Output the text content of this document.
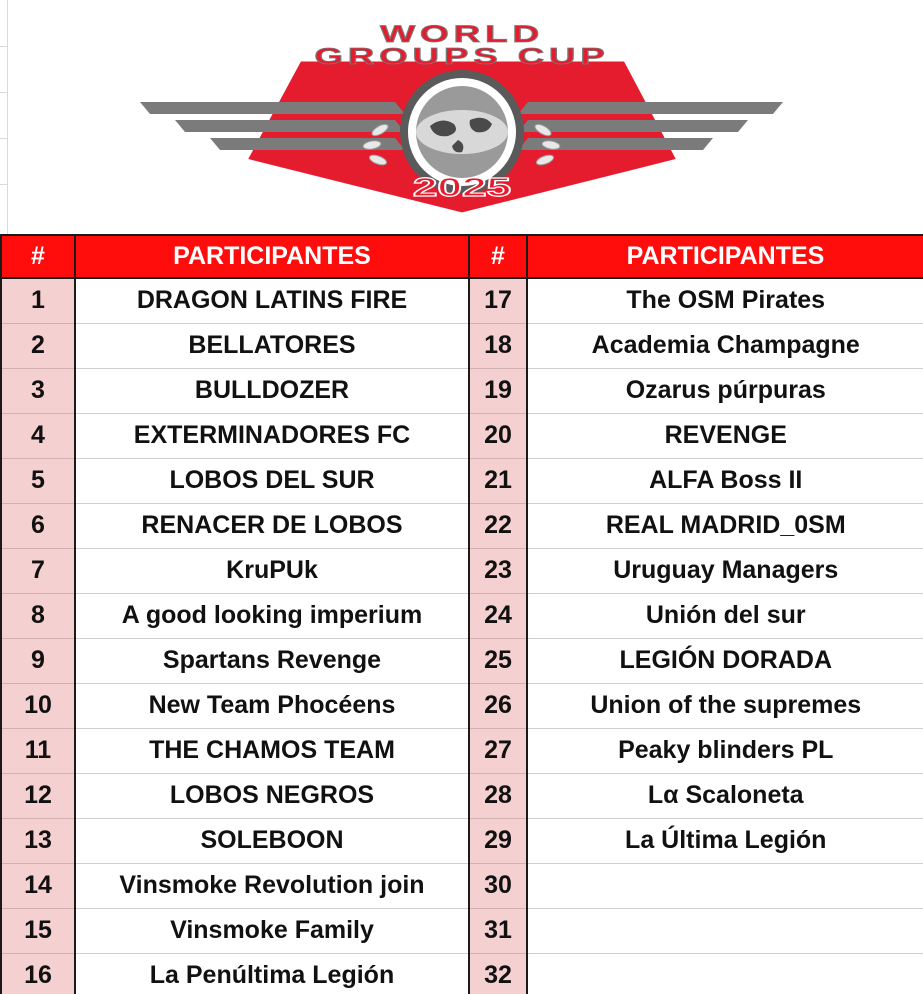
WORLD
GROUPS CUP
2025
#	PARTICIPANTES	#	PARTICIPANTES
1	DRAGON LATINS FIRE	17	The OSM Pirates
2	BELLATORES	18	Academia Champagne
3	BULLDOZER	19	Ozarus púrpuras
4	EXTERMINADORES FC	20	REVENGE
5	LOBOS DEL SUR	21	ALFA Boss II
6	RENACER DE LOBOS	22	REAL MADRID_0SM
7	KruPUk	23	Uruguay Managers
8	A good looking imperium	24	Unión del sur
9	Spartans Revenge	25	LEGIÓN DORADA
10	New Team Phocéens	26	Union of the supremes
11	THE CHAMOS TEAM	27	Peaky blinders PL
12	LOBOS NEGROS	28	Lα Scaloneta
13	SOLEBOON	29	La Última Legión
14	Vinsmoke Revolution join	30	
15	Vinsmoke Family	31	
16	La Penúltima Legión	32	
